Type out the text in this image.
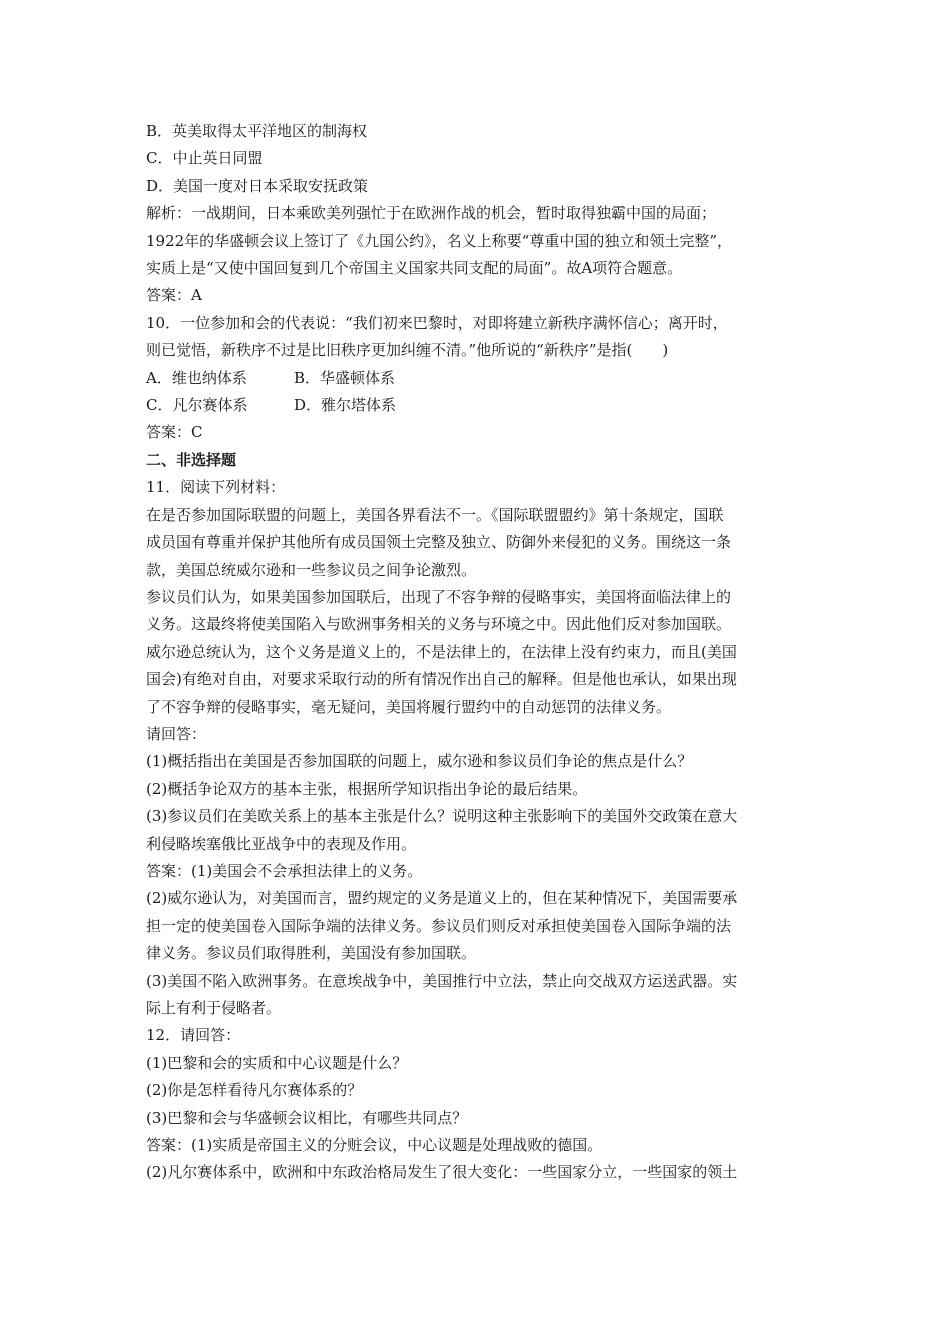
B．英美取得太平洋地区的制海权
C．中止英日同盟
D．美国一度对日本采取安抚政策
解析：一战期间，日本乘欧美列强忙于在欧洲作战的机会，暂时取得独霸中国的局面；
1922年的华盛顿会议上签订了《九国公约》，名义上称要“尊重中国的独立和领土完整”，
实质上是“又使中国回复到几个帝国主义国家共同支配的局面”。故A项符合题意。
答案：A
10．一位参加和会的代表说：“我们初来巴黎时，对即将建立新秩序满怀信心；离开时，
则已觉悟，新秩序不过是比旧秩序更加纠缠不清。”他所说的“新秩序”是指(　　)
A．维也纳体系	B．华盛顿体系
C．凡尔赛体系	D．雅尔塔体系
答案：C
二、非选择题
11．阅读下列材料：
在是否参加国际联盟的问题上，美国各界看法不一。《国际联盟盟约》第十条规定，国联
成员国有尊重并保护其他所有成员国领土完整及独立、防御外来侵犯的义务。围绕这一条
款，美国总统威尔逊和一些参议员之间争论激烈。
参议员们认为，如果美国参加国联后，出现了不容争辩的侵略事实，美国将面临法律上的
义务。这最终将使美国陷入与欧洲事务相关的义务与环境之中。因此他们反对参加国联。
威尔逊总统认为，这个义务是道义上的，不是法律上的，在法律上没有约束力，而且(美国
国会)有绝对自由，对要求采取行动的所有情况作出自己的解释。但是他也承认，如果出现
了不容争辩的侵略事实，毫无疑问，美国将履行盟约中的自动惩罚的法律义务。
请回答：
(1)概括指出在美国是否参加国联的问题上，威尔逊和参议员们争论的焦点是什么？
(2)概括争论双方的基本主张，根据所学知识指出争论的最后结果。
(3)参议员们在美欧关系上的基本主张是什么？说明这种主张影响下的美国外交政策在意大
利侵略埃塞俄比亚战争中的表现及作用。
答案：(1)美国会不会承担法律上的义务。
(2)威尔逊认为，对美国而言，盟约规定的义务是道义上的，但在某种情况下，美国需要承
担一定的使美国卷入国际争端的法律义务。参议员们则反对承担使美国卷入国际争端的法
律义务。参议员们取得胜利，美国没有参加国联。
(3)美国不陷入欧洲事务。在意埃战争中，美国推行中立法，禁止向交战双方运送武器。实
际上有利于侵略者。
12．请回答：
(1)巴黎和会的实质和中心议题是什么？
(2)你是怎样看待凡尔赛体系的？
(3)巴黎和会与华盛顿会议相比，有哪些共同点？
答案：(1)实质是帝国主义的分赃会议，中心议题是处理战败的德国。
(2)凡尔赛体系中，欧洲和中东政治格局发生了很大变化：一些国家分立，一些国家的领土
